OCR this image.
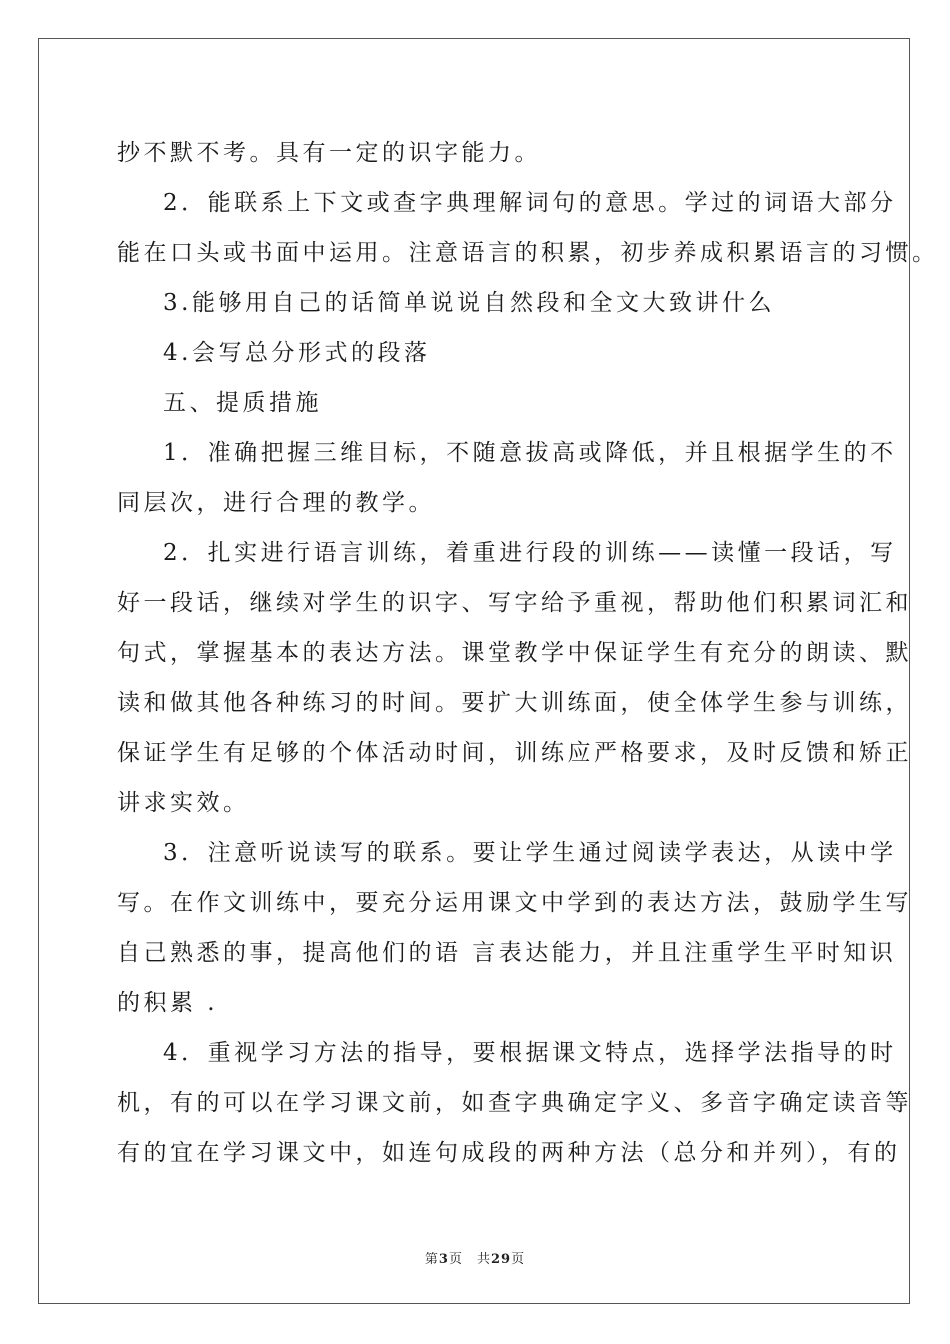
抄不默不考。具有一定的识字能力。

2．能联系上下文或查字典理解词句的意思。学过的词语大部分

能在口头或书面中运用。注意语言的积累，初步养成积累语言的习惯。

3.能够用自己的话简单说说自然段和全文大致讲什么

4.会写总分形式的段落

五、提质措施

1．准确把握三维目标，不随意拔高或降低，并且根据学生的不

同层次，进行合理的教学。

2．扎实进行语言训练，着重进行段的训练——读懂一段话，写

好一段话，继续对学生的识字、写字给予重视，帮助他们积累词汇和

句式，掌握基本的表达方法。课堂教学中保证学生有充分的朗读、默

读和做其他各种练习的时间。要扩大训练面，使全体学生参与训练，

保证学生有足够的个体活动时间，训练应严格要求，及时反馈和矫正

讲求实效。

3．注意听说读写的联系。要让学生通过阅读学表达，从读中学

写。在作文训练中，要充分运用课文中学到的表达方法，鼓励学生写

自己熟悉的事，提高他们的语 言表达能力，并且注重学生平时知识

的积累 .

4．重视学习方法的指导，要根据课文特点，选择学法指导的时

机，有的可以在学习课文前，如查字典确定字义、多音字确定读音等

有的宜在学习课文中，如连句成段的两种方法（总分和并列），有的

第3页 共29页
